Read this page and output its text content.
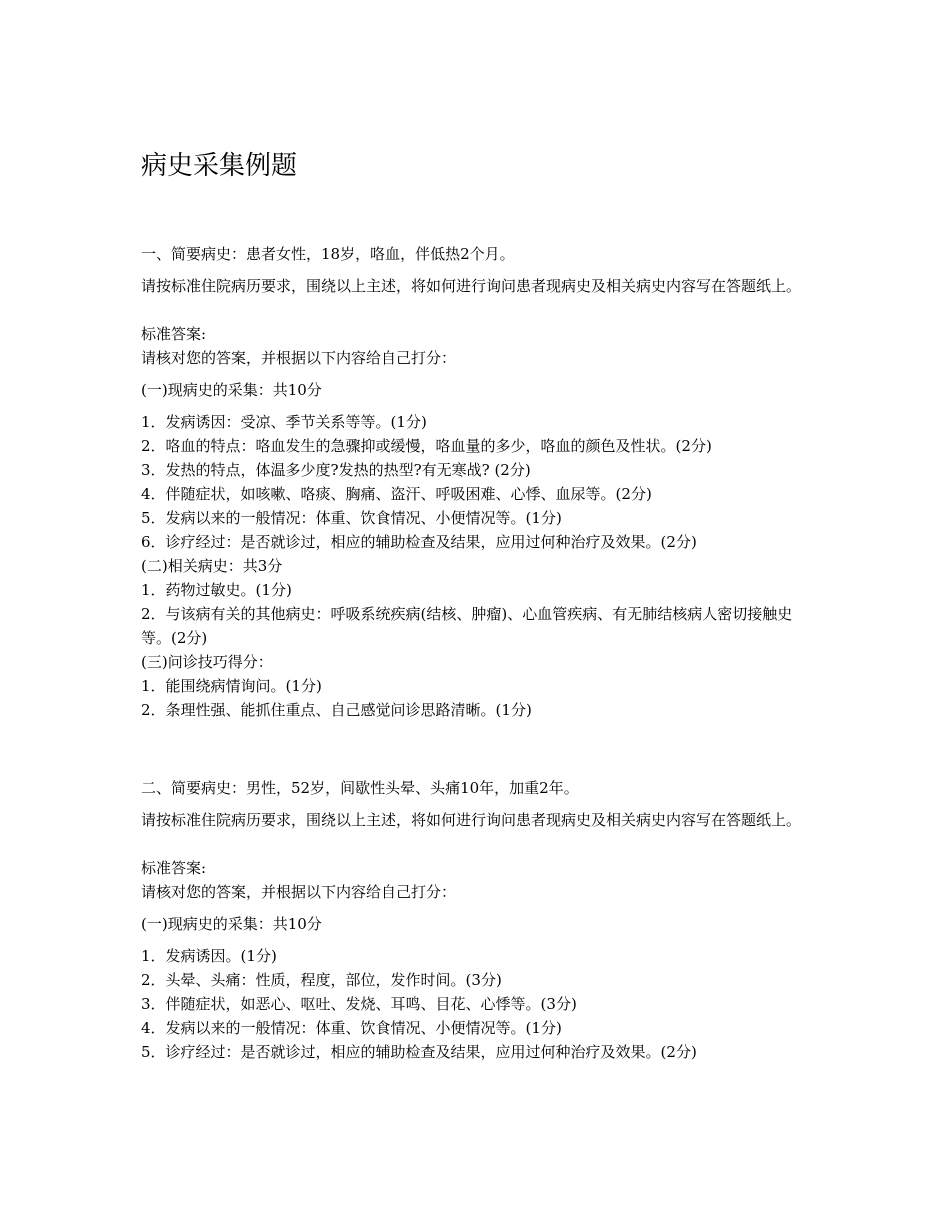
病史采集例题

一、简要病史：患者女性，18岁，咯血，伴低热2个月。

请按标准住院病历要求，围绕以上主述，将如何进行询问患者现病史及相关病史内容写在答题纸上。

标准答案:

请核对您的答案，并根据以下内容给自己打分：

(一)现病史的采集：共10分

1．发病诱因：受凉、季节关系等等。(1分)

2．咯血的特点：咯血发生的急骤抑或缓慢，咯血量的多少，咯血的颜色及性状。(2分)

3．发热的特点，体温多少度?发热的热型?有无寒战? (2分)

4．伴随症状，如咳嗽、咯痰、胸痛、盗汗、呼吸困难、心悸、血尿等。(2分)

5．发病以来的一般情况：体重、饮食情况、小便情况等。(1分)

6．诊疗经过：是否就诊过，相应的辅助检查及结果，应用过何种治疗及效果。(2分)

(二)相关病史：共3分

1．药物过敏史。(1分)

2．与该病有关的其他病史：呼吸系统疾病(结核、肿瘤)、心血管疾病、有无肺结核病人密切接触史等。(2分)

(三)问诊技巧得分：

1．能围绕病情询问。(1分)

2．条理性强、能抓住重点、自己感觉问诊思路清晰。(1分)

二、简要病史：男性，52岁，间歇性头晕、头痛10年，加重2年。

请按标准住院病历要求，围绕以上主述，将如何进行询问患者现病史及相关病史内容写在答题纸上。

标准答案:

请核对您的答案，并根据以下内容给自己打分：

(一)现病史的采集：共10分

1．发病诱因。(1分)

2．头晕、头痛：性质，程度，部位，发作时间。(3分)

3．伴随症状，如恶心、呕吐、发烧、耳鸣、目花、心悸等。(3分)

4．发病以来的一般情况：体重、饮食情况、小便情况等。(1分)

5．诊疗经过：是否就诊过，相应的辅助检查及结果，应用过何种治疗及效果。(2分)
